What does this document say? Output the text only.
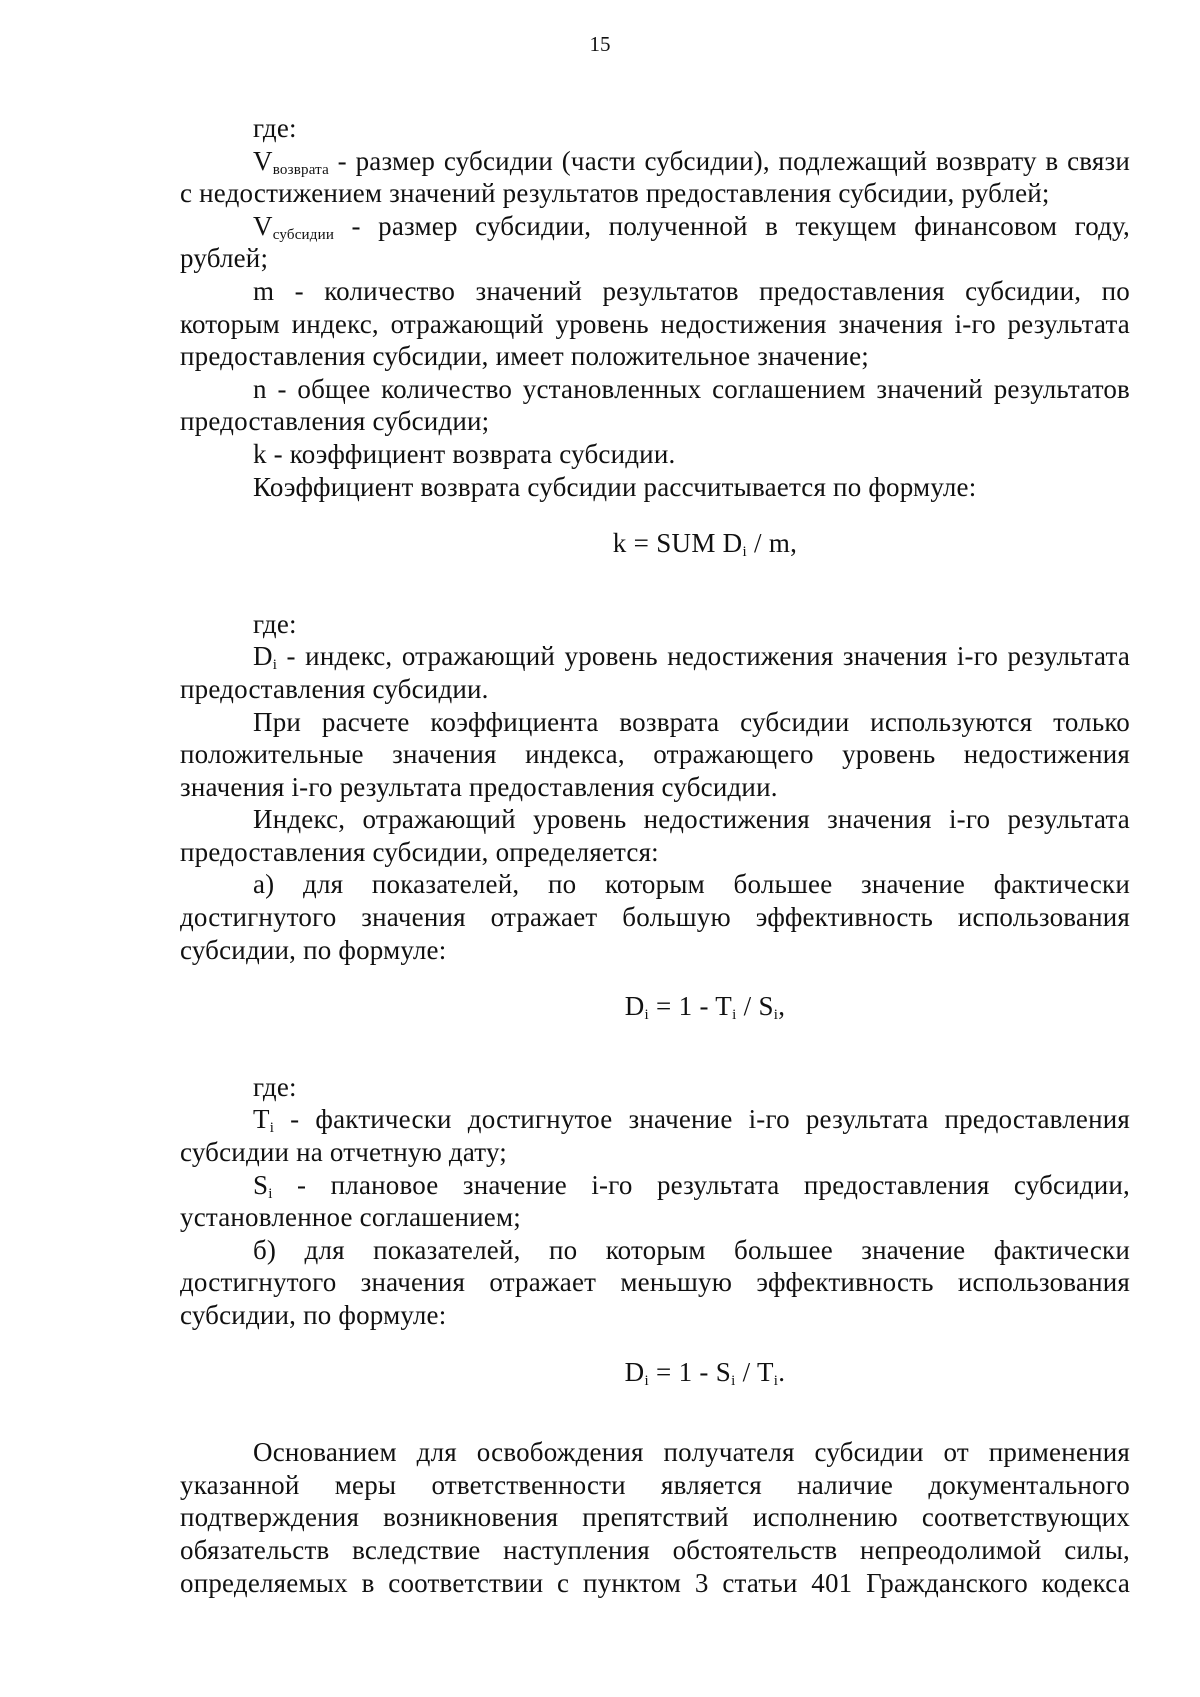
15

где:

$V_{возврата}$ - размер субсидии (части субсидии), подлежащий возврату в связи с недостижением значений результатов предоставления субсидии, рублей;

$V_{субсидии}$ - размер субсидии, полученной в текущем финансовом году, рублей;

m - количество значений результатов предоставления субсидии, по которым индекс, отражающий уровень недостижения значения i-го результата предоставления субсидии, имеет положительное значение;

n - общее количество установленных соглашением значений результатов предоставления субсидии;

k - коэффициент возврата субсидии.

Коэффициент возврата субсидии рассчитывается по формуле:

k = SUM $D_i$ / m,

где:

$D_i$ - индекс, отражающий уровень недостижения значения i-го результата предоставления субсидии.

При расчете коэффициента возврата субсидии используются только положительные значения индекса, отражающего уровень недостижения значения i-го результата предоставления субсидии.

Индекс, отражающий уровень недостижения значения i-го результата предоставления субсидии, определяется:

а) для показателей, по которым большее значение фактически достигнутого значения отражает большую эффективность использования субсидии, по формуле:

$D_i = 1 - T_i / S_i$,

где:

$T_i$ - фактически достигнутое значение i-го результата предоставления субсидии на отчетную дату;

$S_i$ - плановое значение i-го результата предоставления субсидии, установленное соглашением;

б) для показателей, по которым большее значение фактически достигнутого значения отражает меньшую эффективность использования субсидии, по формуле:

$D_i = 1 - S_i / T_i$.

Основанием для освобождения получателя субсидии от применения указанной меры ответственности является наличие документального подтверждения возникновения препятствий исполнению соответствующих обязательств вследствие наступления обстоятельств непреодолимой силы, определяемых в соответствии с пунктом 3 статьи 401 Гражданского кодекса
